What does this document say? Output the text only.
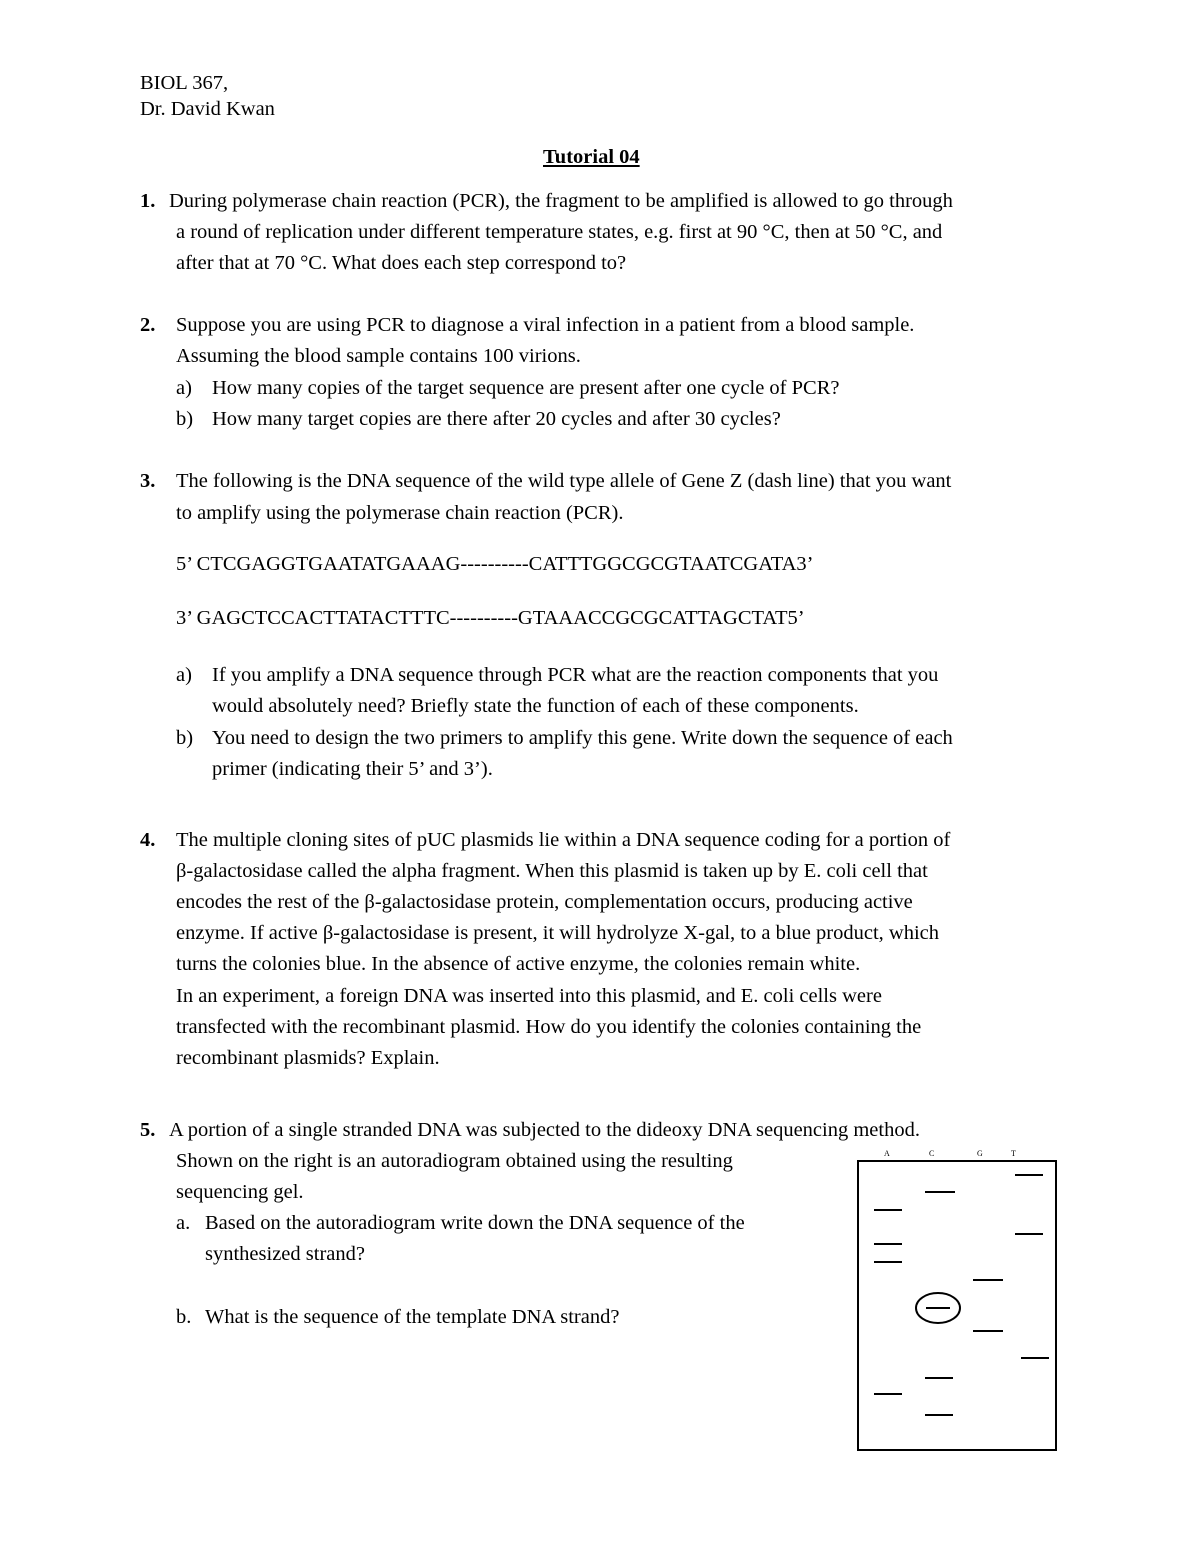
BIOL 367,
Dr. David Kwan
Tutorial 04
1. During polymerase chain reaction (PCR), the fragment to be amplified is allowed to go through
a round of replication under different temperature states, e.g. first at 90 °C, then at 50 °C, and
after that at 70 °C. What does each step correspond to?
2. Suppose you are using PCR to diagnose a viral infection in a patient from a blood sample.
Assuming the blood sample contains 100 virions.
a) How many copies of the target sequence are present after one cycle of PCR?
b) How many target copies are there after 20 cycles and after 30 cycles?
3. The following is the DNA sequence of the wild type allele of Gene Z (dash line) that you want
to amplify using the polymerase chain reaction (PCR).
5’ CTCGAGGTGAATATGAAAG----------CATTTGGCGCGTAATCGATA3’
3’ GAGCTCCACTTATACTTTC----------GTAAACCGCGCATTAGCTAT5’
a) If you amplify a DNA sequence through PCR what are the reaction components that you
would absolutely need? Briefly state the function of each of these components.
b) You need to design the two primers to amplify this gene. Write down the sequence of each
primer (indicating their 5’ and 3’).
4. The multiple cloning sites of pUC plasmids lie within a DNA sequence coding for a portion of
β-galactosidase called the alpha fragment. When this plasmid is taken up by E. coli cell that
encodes the rest of the β-galactosidase protein, complementation occurs, producing active
enzyme. If active β-galactosidase is present, it will hydrolyze X-gal, to a blue product, which
turns the colonies blue. In the absence of active enzyme, the colonies remain white.
In an experiment, a foreign DNA was inserted into this plasmid, and E. coli cells were
transfected with the recombinant plasmid. How do you identify the colonies containing the
recombinant plasmids? Explain.
5. A portion of a single stranded DNA was subjected to the dideoxy DNA sequencing method.
Shown on the right is an autoradiogram obtained using the resulting
sequencing gel.
a. Based on the autoradiogram write down the DNA sequence of the
synthesized strand?
b. What is the sequence of the template DNA strand?
A	C	G	T
